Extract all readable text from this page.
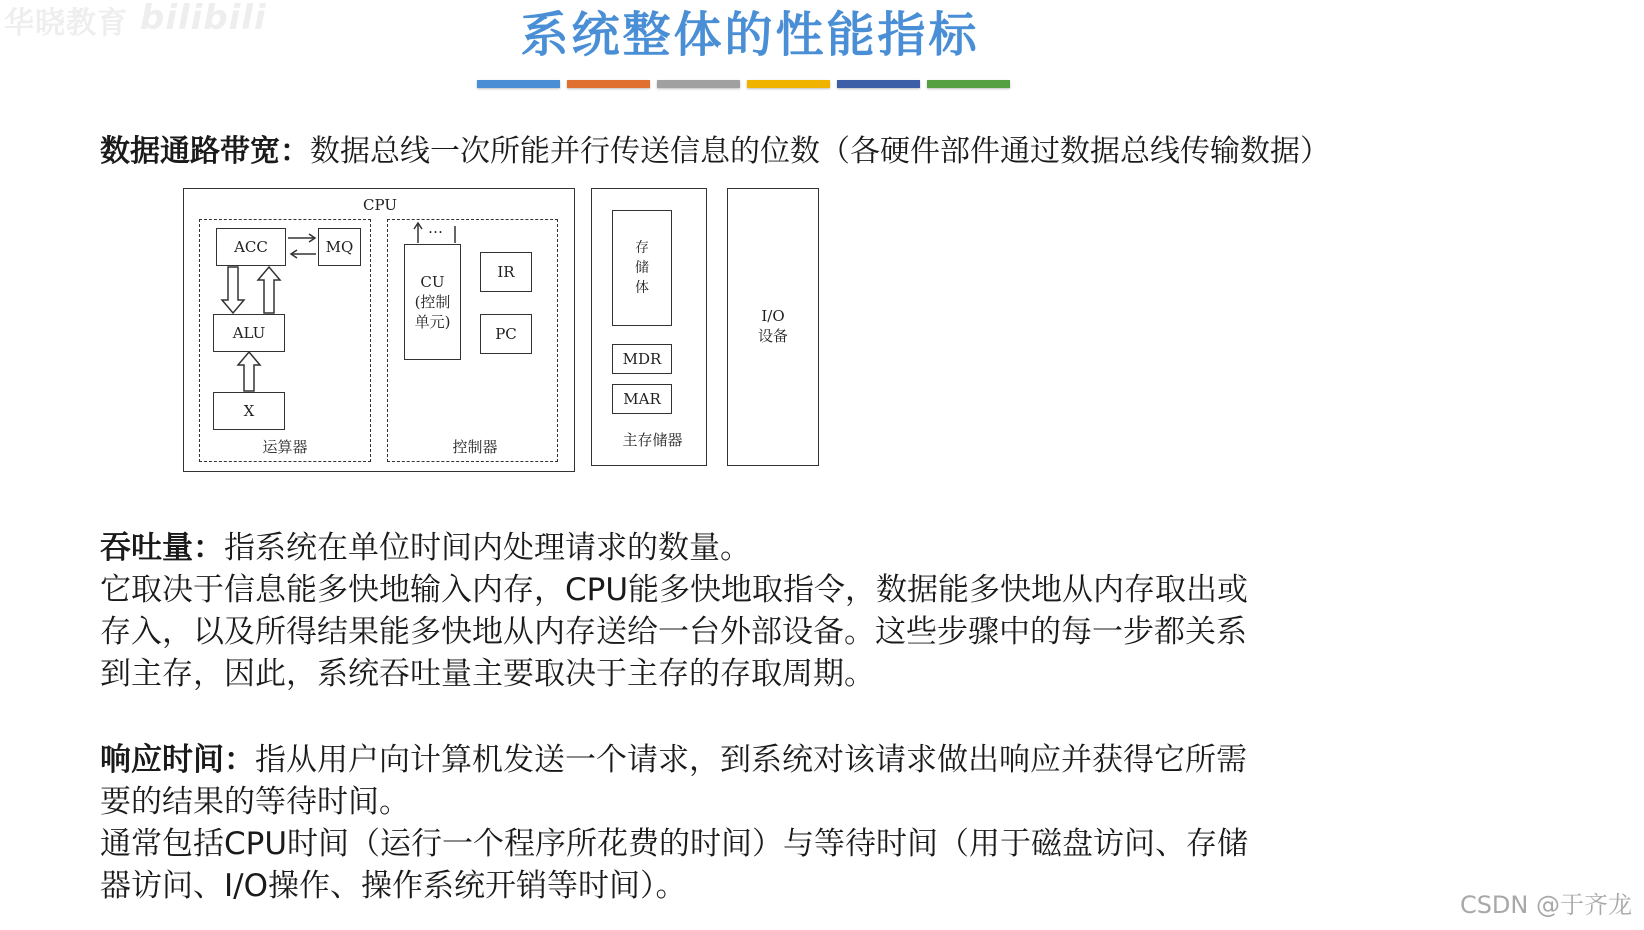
华晓教育 bilibili	系统整体的性能指标
数据通路带宽：数据总线一次所能并行传送信息的位数（各硬件部件通过数据总线传输数据）
CPU
运算器
ACC	MQ
ALU
X
控制器
CU
(控制
单元)
…
IR
PC
存
储
体
MDR
MAR
主存储器
I/O
设备
吞吐量：指系统在单位时间内处理请求的数量。
它取决于信息能多快地输入内存，CPU能多快地取指令，数据能多快地从内存取出或
存入，以及所得结果能多快地从内存送给一台外部设备。这些步骤中的每一步都关系
到主存，因此，系统吞吐量主要取决于主存的存取周期。
响应时间：指从用户向计算机发送一个请求，到系统对该请求做出响应并获得它所需
要的结果的等待时间。
通常包括CPU时间（运行一个程序所花费的时间）与等待时间（用于磁盘访问、存储
器访问、I/O操作、操作系统开销等时间）。
CSDN @于齐龙
